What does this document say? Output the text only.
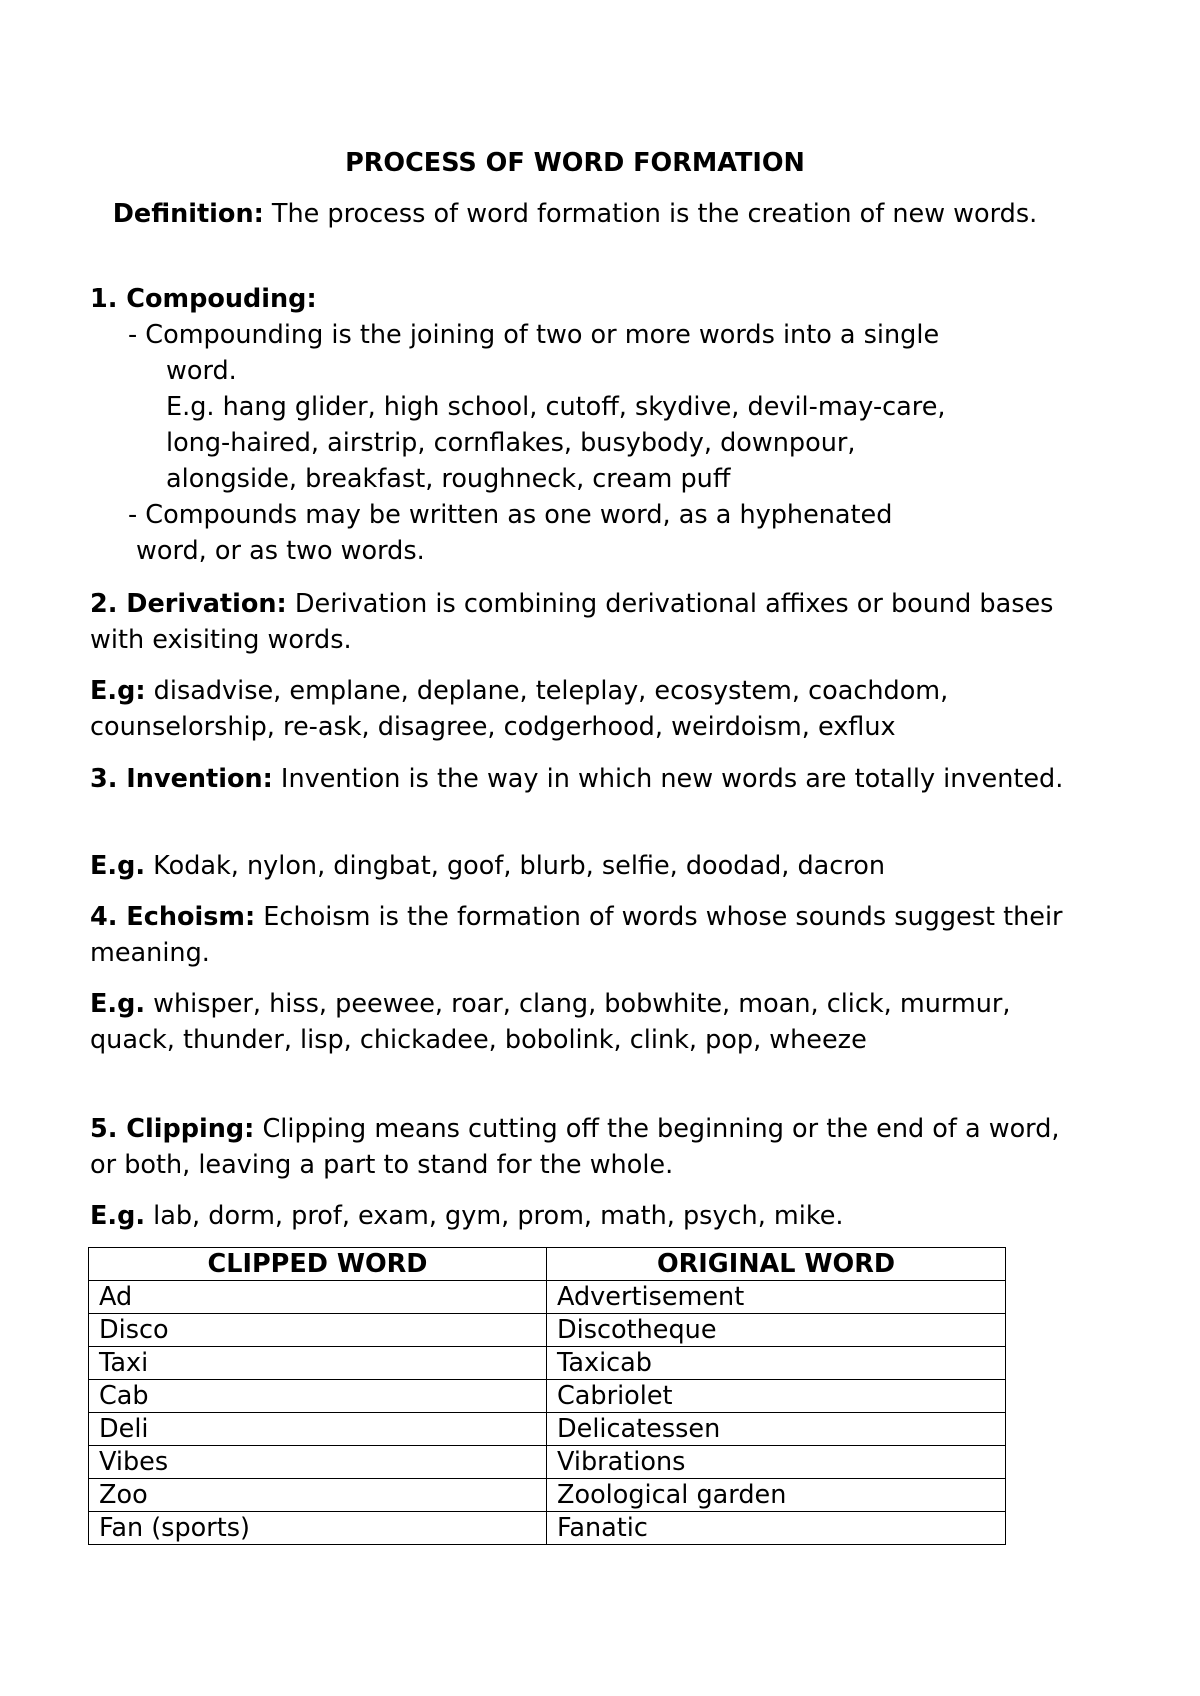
PROCESS OF WORD FORMATION
Definition: The process of word formation is the creation of new words.
1. Compouding:
- Compounding is the joining of two or more words into a single
word.
E.g. hang glider, high school, cutoff, skydive, devil-may-care,
long-haired, airstrip, cornflakes, busybody, downpour,
alongside, breakfast, roughneck, cream puff
- Compounds may be written as one word, as a hyphenated
word, or as two words.
2. Derivation: Derivation is combining derivational affixes or bound bases with exisiting words.
E.g: disadvise, emplane, deplane, teleplay, ecosystem, coachdom, counselorship, re-ask, disagree, codgerhood, weirdoism, exflux
3. Invention: Invention is the way in which new words are totally invented.
E.g. Kodak, nylon, dingbat, goof, blurb, selfie, doodad, dacron
4. Echoism: Echoism is the formation of words whose sounds suggest their meaning.
E.g. whisper, hiss, peewee, roar, clang, bobwhite, moan, click, murmur, quack, thunder, lisp, chickadee, bobolink, clink, pop, wheeze
5. Clipping: Clipping means cutting off the beginning or the end of a word, or both, leaving a part to stand for the whole.
E.g. lab, dorm, prof, exam, gym, prom, math, psych, mike.
CLIPPED WORD	ORIGINAL WORD
Ad	Advertisement
Disco	Discotheque
Taxi	Taxicab
Cab	Cabriolet
Deli	Delicatessen
Vibes	Vibrations
Zoo	Zoological garden
Fan (sports)	Fanatic
